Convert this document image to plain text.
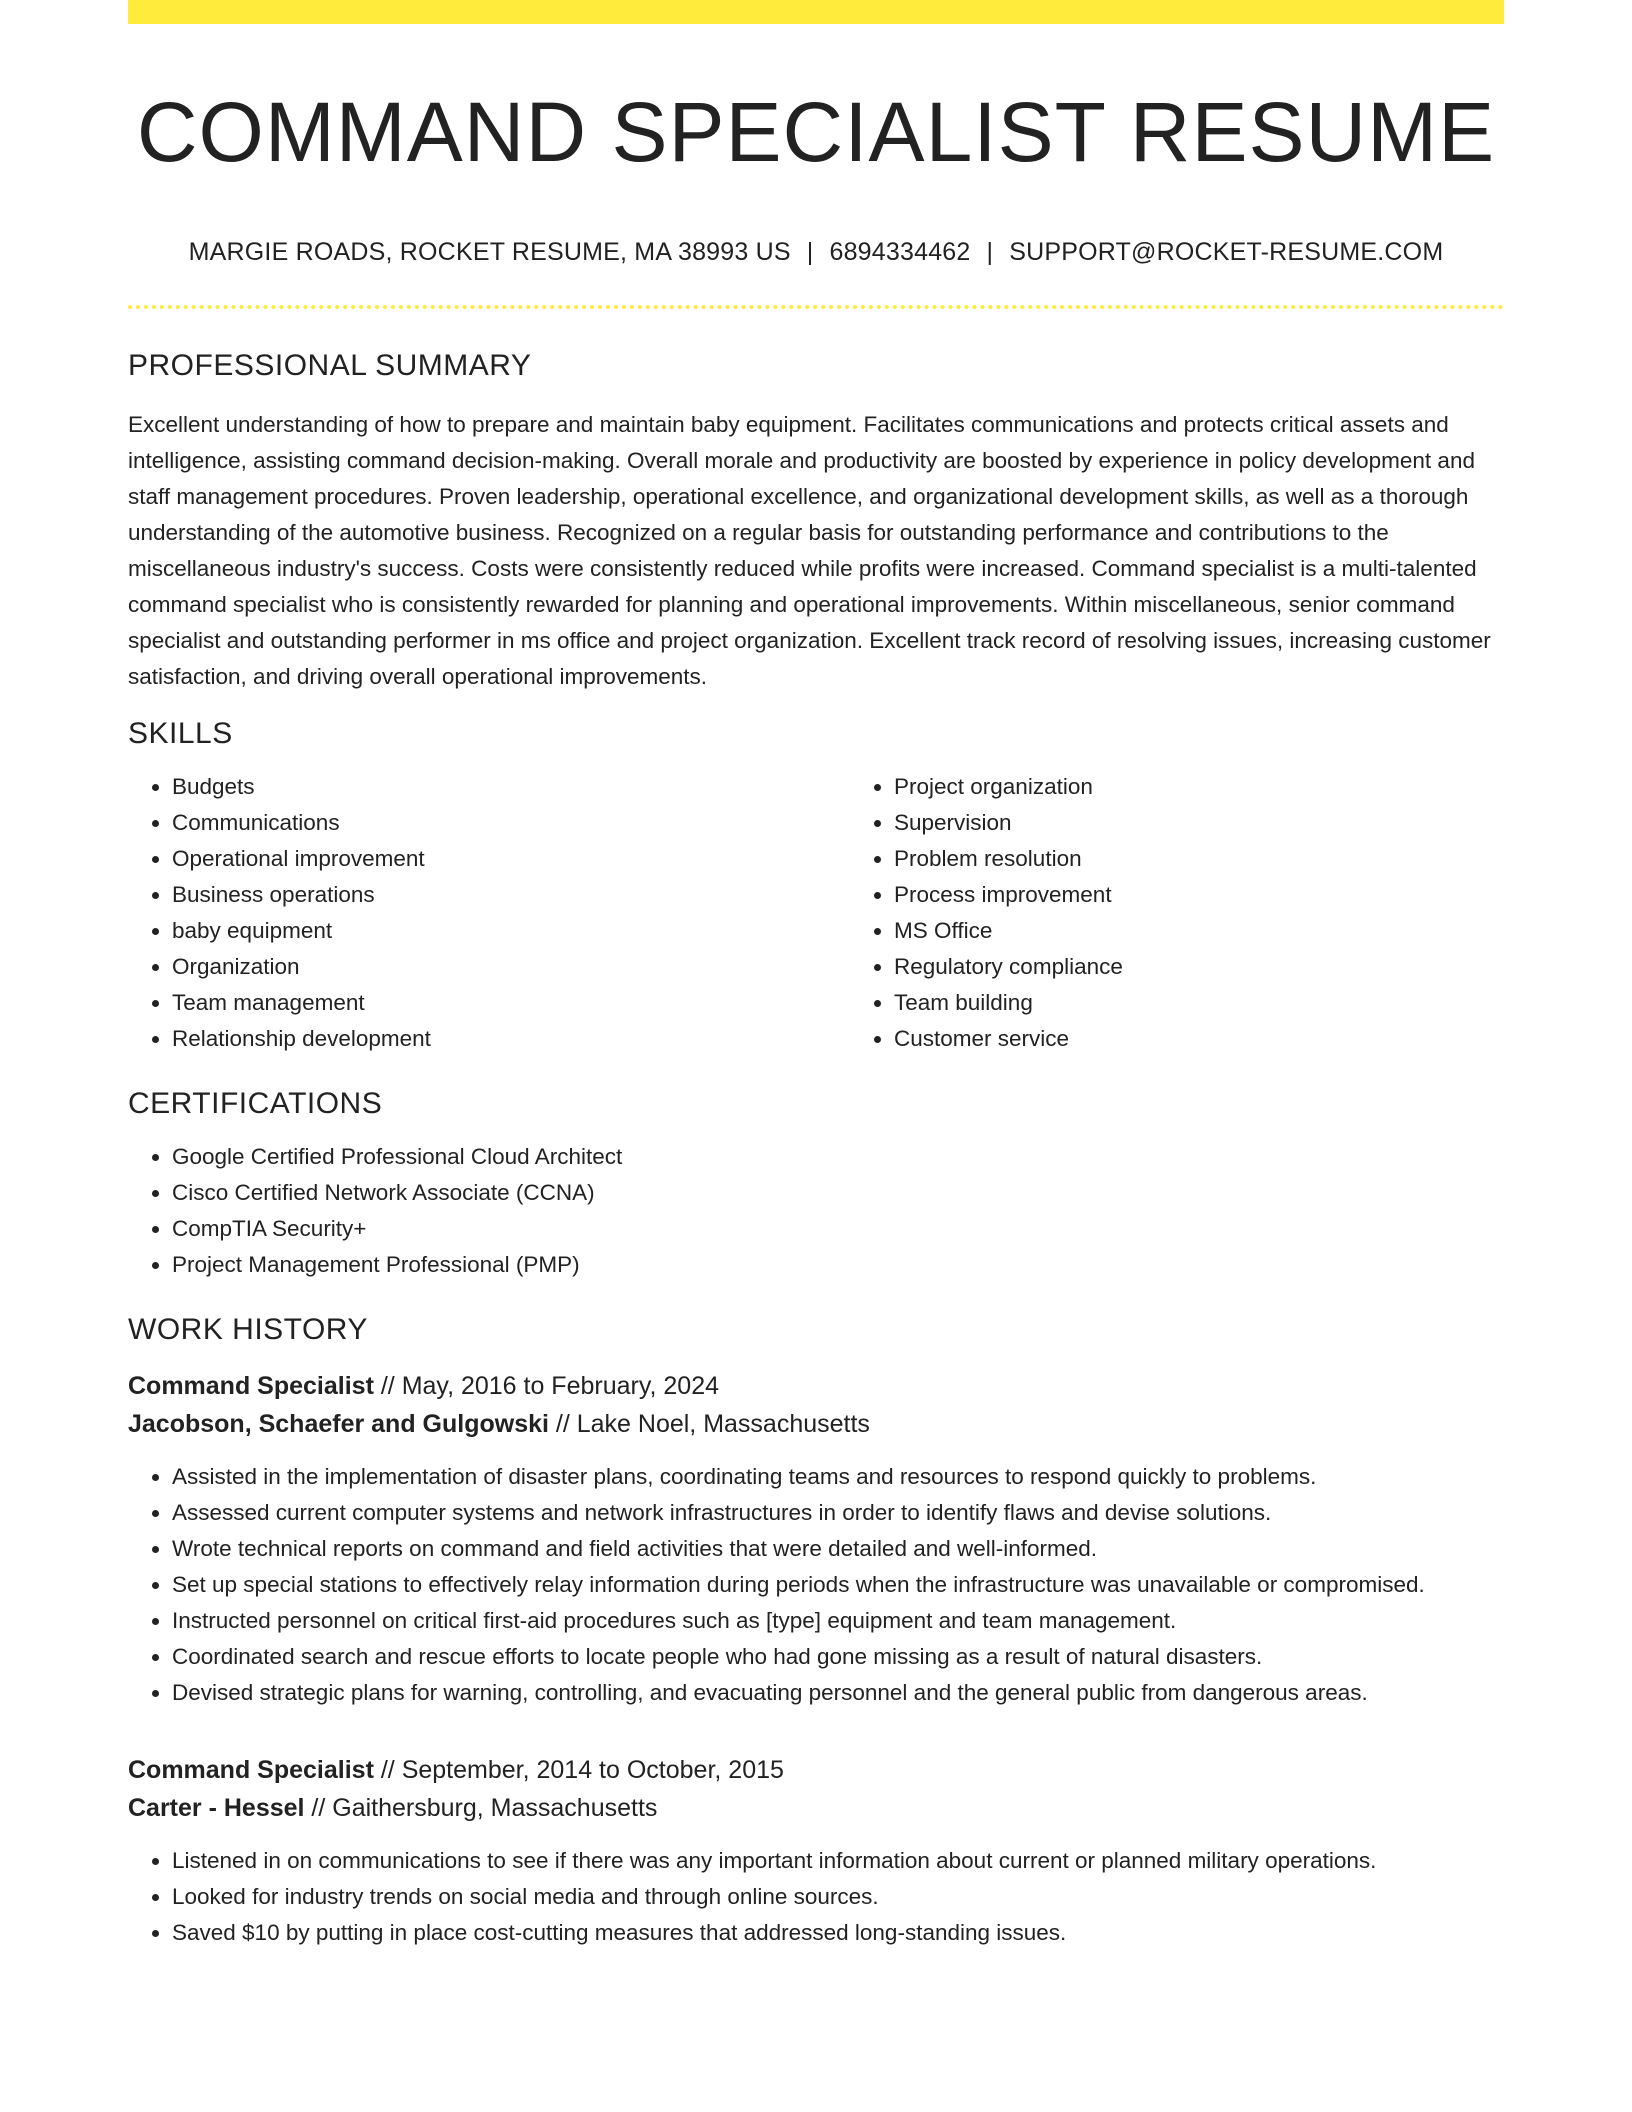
COMMAND SPECIALIST RESUME
MARGIE ROADS, ROCKET RESUME, MA 38993 US | 6894334462 | SUPPORT@ROCKET-RESUME.COM
PROFESSIONAL SUMMARY

Excellent understanding of how to prepare and maintain baby equipment. Facilitates communications and protects critical assets and intelligence, assisting command decision-making. Overall morale and productivity are boosted by experience in policy development and staff management procedures. Proven leadership, operational excellence, and organizational development skills, as well as a thorough understanding of the automotive business. Recognized on a regular basis for outstanding performance and contributions to the miscellaneous industry's success. Costs were consistently reduced while profits were increased. Command specialist is a multi-talented command specialist who is consistently rewarded for planning and operational improvements. Within miscellaneous, senior command specialist and outstanding performer in ms office and project organization. Excellent track record of resolving issues, increasing customer satisfaction, and driving overall operational improvements.

SKILLS
• Budgets
• Communications
• Operational improvement
• Business operations
• baby equipment
• Organization
• Team management
• Relationship development
• Project organization
• Supervision
• Problem resolution
• Process improvement
• MS Office
• Regulatory compliance
• Team building
• Customer service
CERTIFICATIONS
• Google Certified Professional Cloud Architect
• Cisco Certified Network Associate (CCNA)
• CompTIA Security+
• Project Management Professional (PMP)
WORK HISTORY
Command Specialist // May, 2016 to February, 2024
Jacobson, Schaefer and Gulgowski // Lake Noel, Massachusetts
• Assisted in the implementation of disaster plans, coordinating teams and resources to respond quickly to problems.
• Assessed current computer systems and network infrastructures in order to identify flaws and devise solutions.
• Wrote technical reports on command and field activities that were detailed and well-informed.
• Set up special stations to effectively relay information during periods when the infrastructure was unavailable or compromised.
• Instructed personnel on critical first-aid procedures such as [type] equipment and team management.
• Coordinated search and rescue efforts to locate people who had gone missing as a result of natural disasters.
• Devised strategic plans for warning, controlling, and evacuating personnel and the general public from dangerous areas.
Command Specialist // September, 2014 to October, 2015
Carter - Hessel // Gaithersburg, Massachusetts
• Listened in on communications to see if there was any important information about current or planned military operations.
• Looked for industry trends on social media and through online sources.
• Saved $10 by putting in place cost-cutting measures that addressed long-standing issues.
